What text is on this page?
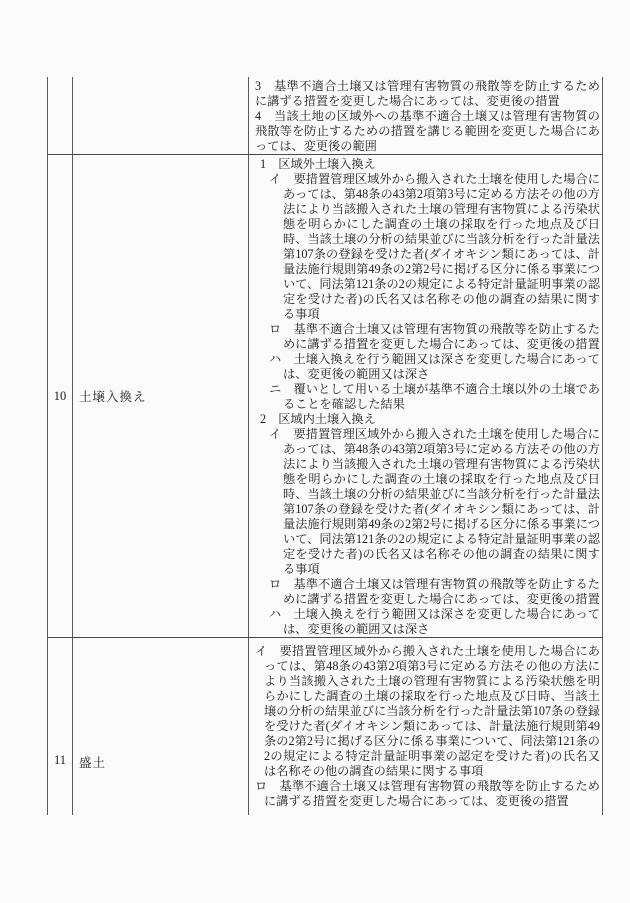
3　基準不適合土壌又は管理有害物質の飛散等を防止するために講ずる措置を変更した場合にあっては、変更後の措置
4　当該土地の区域外への基準不適合土壌又は管理有害物質の飛散等を防止するための措置を講じる範囲を変更した場合にあっては、変更後の範囲
10	土壌入換え
1　区域外土壌入換え
イ　要措置管理区域外から搬入された土壌を使用した場合にあっては、第48条の43第2項第3号に定める方法その他の方法により当該搬入された土壌の管理有害物質による汚染状態を明らかにした調査の土壌の採取を行った地点及び日時、当該土壌の分析の結果並びに当該分析を行った計量法第107条の登録を受けた者(ダイオキシン類にあっては、計量法施行規則第49条の2第2号に掲げる区分に係る事業について、同法第121条の2の規定による特定計量証明事業の認定を受けた者)の氏名又は名称その他の調査の結果に関する事項
ロ　基準不適合土壌又は管理有害物質の飛散等を防止するために講ずる措置を変更した場合にあっては、変更後の措置
ハ　土壌入換えを行う範囲又は深さを変更した場合にあっては、変更後の範囲又は深さ
ニ　覆いとして用いる土壌が基準不適合土壌以外の土壌であることを確認した結果
2　区域内土壌入換え
イ　要措置管理区域外から搬入された土壌を使用した場合にあっては、第48条の43第2項第3号に定める方法その他の方法により当該搬入された土壌の管理有害物質による汚染状態を明らかにした調査の土壌の採取を行った地点及び日時、当該土壌の分析の結果並びに当該分析を行った計量法第107条の登録を受けた者(ダイオキシン類にあっては、計量法施行規則第49条の2第2号に掲げる区分に係る事業について、同法第121条の2の規定による特定計量証明事業の認定を受けた者)の氏名又は名称その他の調査の結果に関する事項
ロ　基準不適合土壌又は管理有害物質の飛散等を防止するために講ずる措置を変更した場合にあっては、変更後の措置
ハ　土壌入換えを行う範囲又は深さを変更した場合にあっては、変更後の範囲又は深さ
11	盛土
イ　要措置管理区域外から搬入された土壌を使用した場合にあっては、第48条の43第2項第3号に定める方法その他の方法により当該搬入された土壌の管理有害物質による汚染状態を明らかにした調査の土壌の採取を行った地点及び日時、当該土壌の分析の結果並びに当該分析を行った計量法第107条の登録を受けた者(ダイオキシン類にあっては、計量法施行規則第49条の2第2号に掲げる区分に係る事業について、同法第121条の2の規定による特定計量証明事業の認定を受けた者)の氏名又は名称その他の調査の結果に関する事項
ロ　基準不適合土壌又は管理有害物質の飛散等を防止するために講ずる措置を変更した場合にあっては、変更後の措置
